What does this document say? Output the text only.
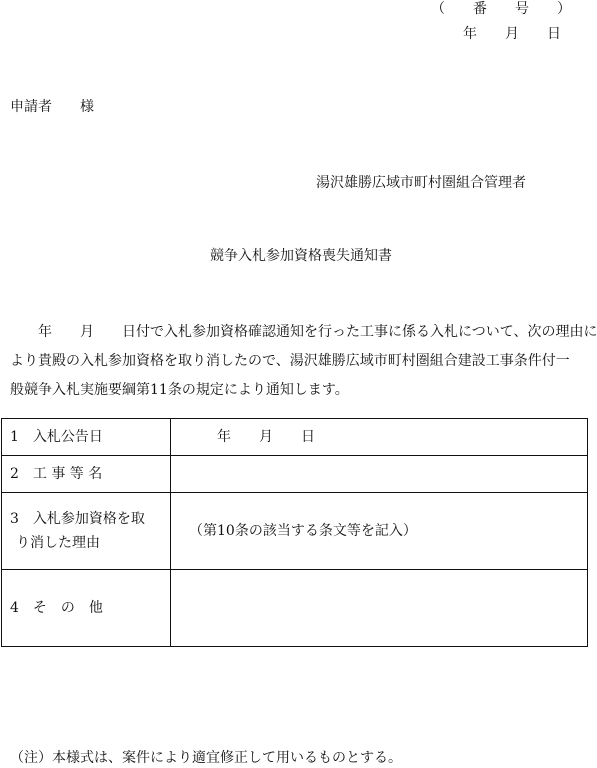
（　　番　　号　　）
年　　月　　日
申請者　　様
湯沢雄勝広域市町村圏組合管理者
競争入札参加資格喪失通知書
　　年　　月　　日付で入札参加資格確認通知を行った工事に係る入札について、次の理由に
より貴殿の入札参加資格を取り消したので、湯沢雄勝広域市町村圏組合建設工事条件付一
般競争入札実施要綱第11条の規定により通知します。
1　入札公告日	　　年　　月　　日
2　工 事 等 名	

3　入札参加資格を取
り消した理由	（第10条の該当する条文等を記入）
4　そ　の　他	
（注）本様式は、案件により適宜修正して用いるものとする。
